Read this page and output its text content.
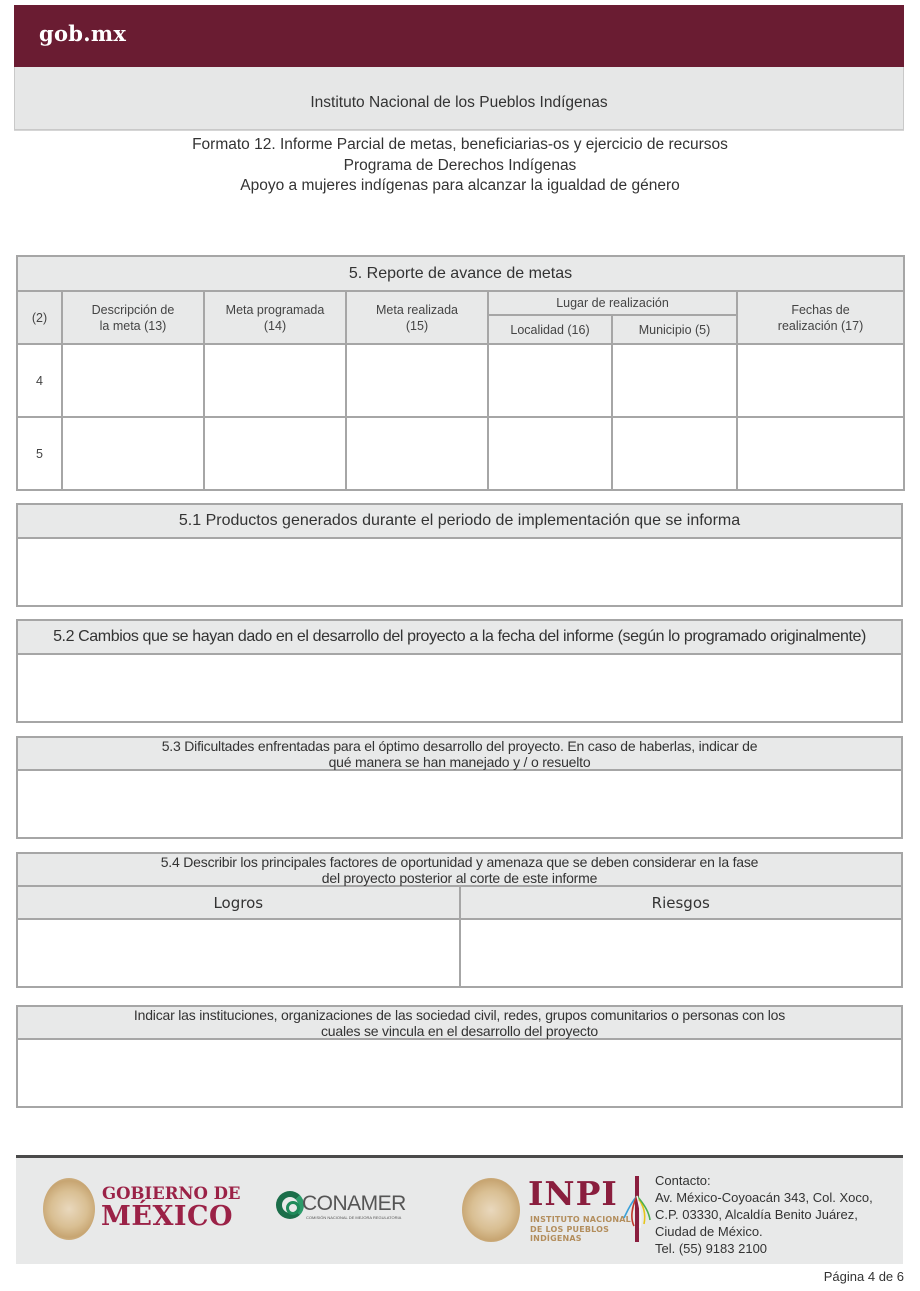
gob.mx
Instituto Nacional de los Pueblos Indígenas
Formato 12. Informe Parcial de metas, beneficiarias-os y ejercicio de recursos
Programa de Derechos Indígenas
Apoyo a mujeres indígenas para alcanzar la igualdad de género
5. Reporte de avance de metas						
(2)	Descripción de la meta (13)	Meta programada (14)	Meta realizada (15)	Lugar de realización		Fechas de realización (17)
				Localidad (16)	Municipio (5)	
4						
5						
5.1 Productos generados durante el periodo de implementación que se informa
5.2 Cambios que se hayan dado en el desarrollo del proyecto a la fecha del informe (según lo programado originalmente)
5.3 Dificultades enfrentadas para el óptimo desarrollo del proyecto. En caso de haberlas, indicar de
qué manera se han manejado y / o resuelto
5.4 Describir los principales factores de oportunidad y amenaza que se deben considerar en la fase
del proyecto posterior al corte de este informe
Logros	Riesgos
Indicar las instituciones, organizaciones de las sociedad civil, redes, grupos comunitarios o personas con los
cuales se vincula en el desarrollo del proyecto
GOBIERNO DE
MÉXICO	CONAMER
COMISIÓN NACIONAL DE MEJORA REGULATORIA
INPI
INSTITUTO NACIONAL
DE LOS PUEBLOS
INDÍGENAS
Contacto:
Av. México-Coyoacán 343, Col. Xoco,
C.P. 03330, Alcaldía Benito Juárez,
Ciudad de México.
Tel. (55) 9183 2100
Página 4 de 6
